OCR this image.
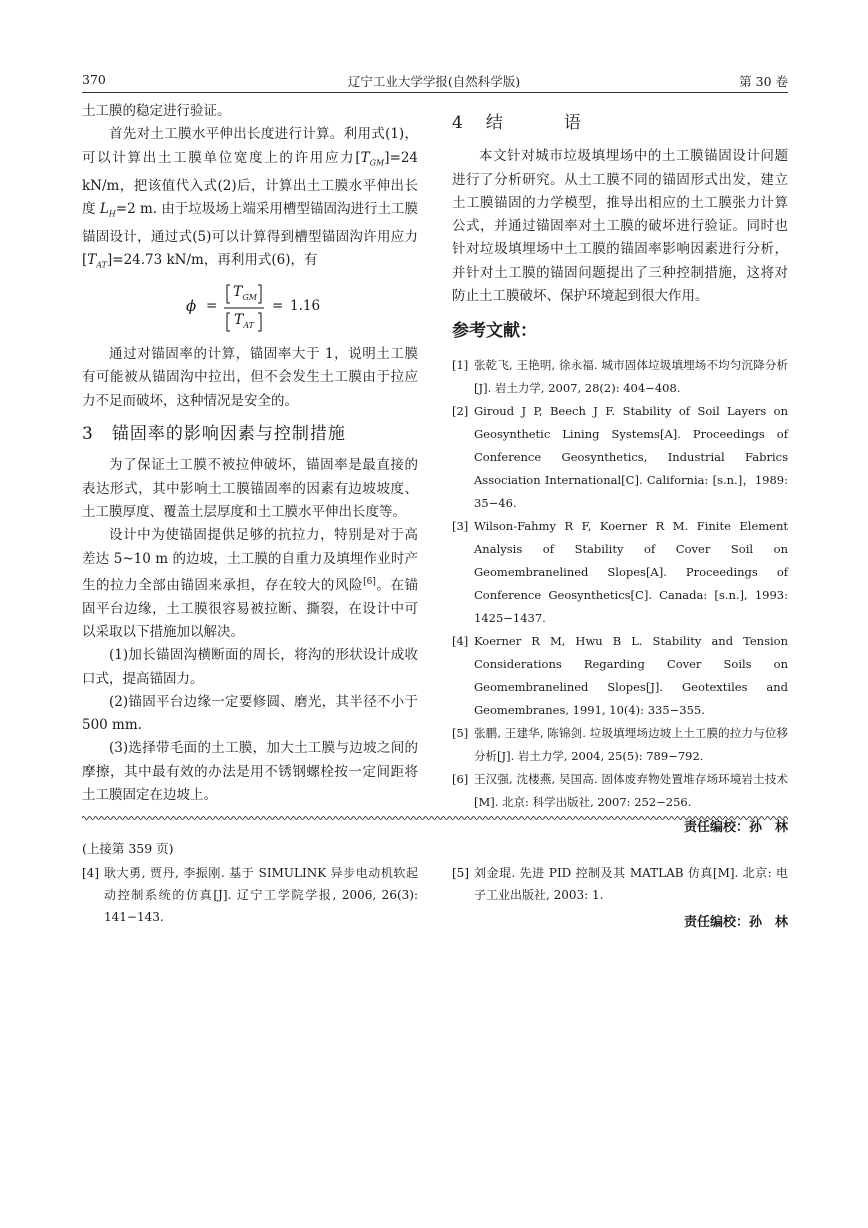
370	辽宁工业大学学报(自然科学版)	第 30 卷
土工膜的稳定进行验证。
首先对土工膜水平伸出长度进行计算。利用式(1)，可以计算出土工膜单位宽度上的许用应力$[T_{GM}]=24$ kN/m，把该值代入式(2)后，计算出土工膜水平伸出长度 $L_H=2$ m. 由于垃圾场上端采用槽型锚固沟进行土工膜锚固设计，通过式(5)可以计算得到槽型锚固沟许用应力$[T_{AT}]=24.73$ kN/m，再利用式(6)，有
ϕ =
$T_{GM}$
$T_{AT}$
= 1.16
通过对锚固率的计算，锚固率大于 1，说明土工膜有可能被从锚固沟中拉出，但不会发生土工膜由于拉应力不足而破坏，这种情况是安全的。
3　锚固率的影响因素与控制措施
为了保证土工膜不被拉伸破坏，锚固率是最直接的表达形式，其中影响土工膜锚固率的因素有边坡坡度、土工膜厚度、覆盖土层厚度和土工膜水平伸出长度等。
设计中为使锚固提供足够的抗拉力，特别是对于高差达 5~10 m 的边坡，土工膜的自重力及填埋作业时产生的拉力全部由锚固来承担，存在较大的风险[6]。在锚固平台边缘，土工膜很容易被拉断、撕裂，在设计中可以采取以下措施加以解决。
(1)加长锚固沟横断面的周长，将沟的形状设计成收口式，提高锚固力。
(2)锚固平台边缘一定要修圆、磨光，其半径不小于 500 mm.
(3)选择带毛面的土工膜，加大土工膜与边坡之间的摩擦，其中最有效的办法是用不锈钢螺栓按一定间距将土工膜固定在边坡上。
4 结	语
本文针对城市垃圾填埋场中的土工膜锚固设计问题进行了分析研究。从土工膜不同的锚固形式出发，建立土工膜锚固的力学模型，推导出相应的土工膜张力计算公式，并通过锚固率对土工膜的破坏进行验证。同时也针对垃圾填埋场中土工膜的锚固率影响因素进行分析，并针对土工膜的锚固问题提出了三种控制措施，这将对防止土工膜破坏、保护环境起到很大作用。
参考文献：
[1] 张乾飞, 王艳明, 徐永福. 城市固体垃圾填埋场不均匀沉降分析[J]. 岩土力学, 2007, 28(2): 404−408.
[2] Giroud J P, Beech J F. Stability of Soil Layers on Geosynthetic Lining Systems[A]. Proceedings of Conference Geosynthetics, Industrial Fabrics Association International[C]. California: [s.n.]，1989: 35−46.
[3] Wilson-Fahmy R F, Koerner R M. Finite Element Analysis of Stability of Cover Soil on Geomembranelined Slopes[A]. Proceedings of Conference Geosynthetics[C]. Canada: [s.n.], 1993: 1425−1437.
[4] Koerner R M, Hwu B L. Stability and Tension Considerations Regarding Cover Soils on Geomembranelined Slopes[J]. Geotextiles and Geomembranes, 1991, 10(4): 335−355.
[5] 张鹏, 王建华, 陈锦剑. 垃圾填埋场边坡上土工膜的拉力与位移分析[J]. 岩土力学, 2004, 25(5): 789−792.
[6] 王汉强, 沈楼燕, 吴国高. 固体废弃物处置堆存场环境岩土技术[M]. 北京: 科学出版社, 2007: 252−256.
责任编校：孙　林
(上接第 359 页)
[4] 耿大勇, 贾丹, 李振刚. 基于 SIMULINK 异步电动机软起动控制系统的仿真[J]. 辽宁工学院学报, 2006, 26(3): 141−143.
[5] 刘金琨. 先进 PID 控制及其 MATLAB 仿真[M]. 北京: 电子工业出版社, 2003: 1.
责任编校：孙　林
